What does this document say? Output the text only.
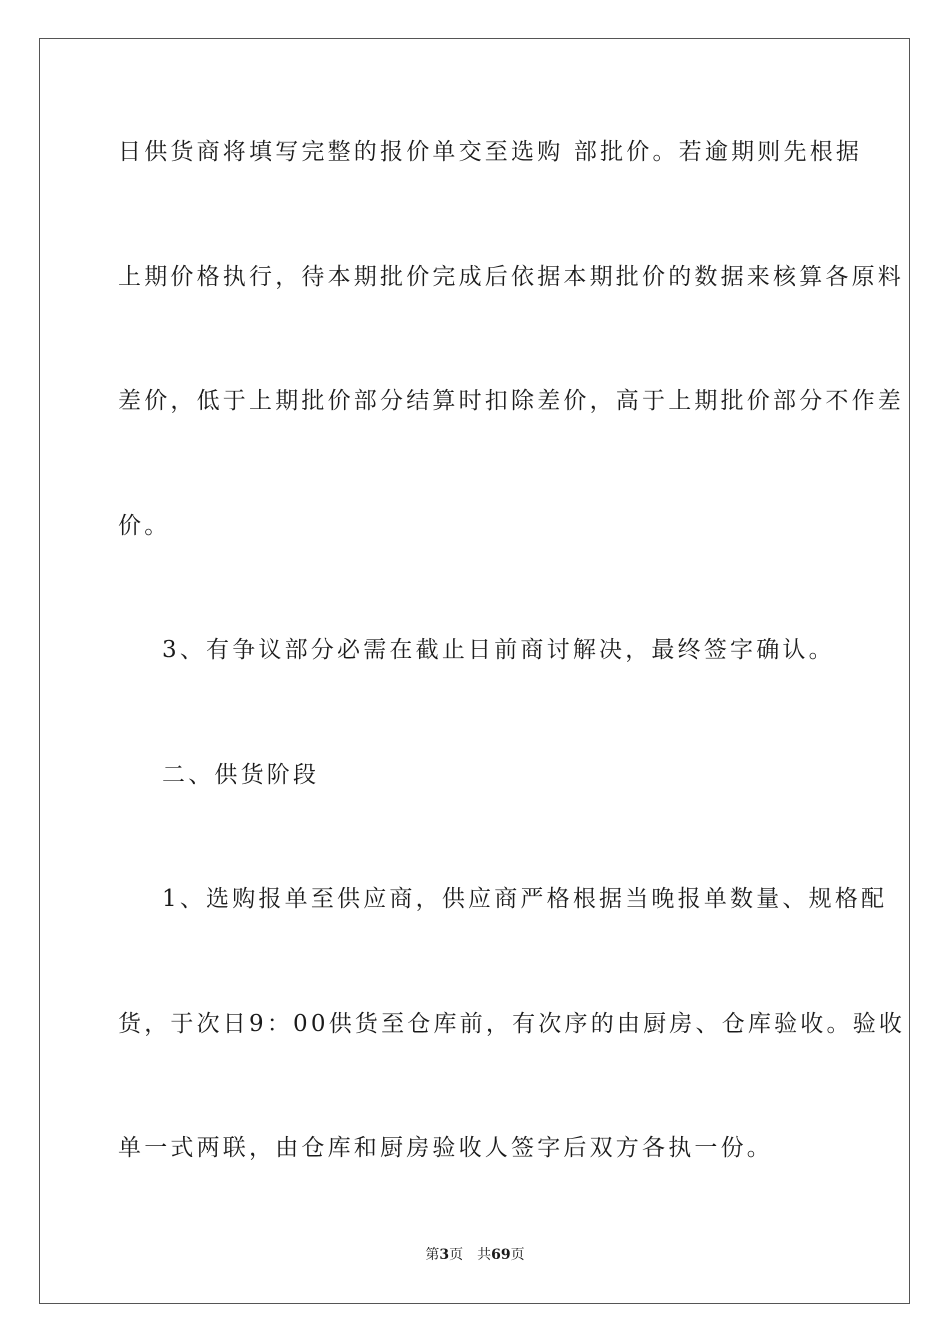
日供货商将填写完整的报价单交至选购 部批价。若逾期则先根据
上期价格执行，待本期批价完成后依据本期批价的数据来核算各原料
差价，低于上期批价部分结算时扣除差价，高于上期批价部分不作差
价。
3、有争议部分必需在截止日前商讨解决，最终签字确认。
二、供货阶段
1、选购报单至供应商，供应商严格根据当晚报单数量、规格配
货，于次日9：00供货至仓库前，有次序的由厨房、仓库验收。验收
单一式两联，由仓库和厨房验收人签字后双方各执一份。
第3页 共69页
